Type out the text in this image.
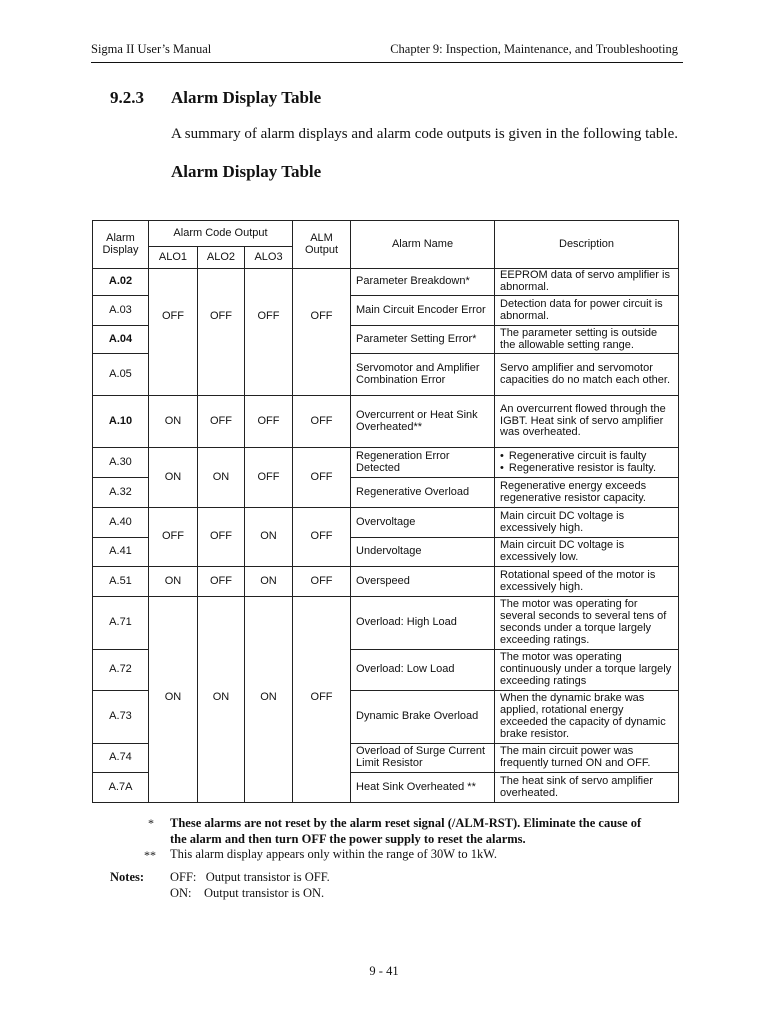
Sigma II User’s Manual	Chapter 9: Inspection, Maintenance, and Troubleshooting
9.2.3 Alarm Display Table
A summary of alarm displays and alarm code outputs is given in the following table.
Alarm Display Table
Alarm Display	Alarm Code Output			ALM Output	Alarm Name	Description
	ALO1	ALO2	ALO3			
A.02	OFF	OFF	OFF	OFF	Parameter Breakdown*	EEPROM data of servo amplifier is abnormal.
A.03					Main Circuit Encoder Error	Detection data for power circuit is abnormal.
A.04					Parameter Setting Error*	The parameter setting is outside the allowable setting range.
A.05					Servomotor and Amplifier Combination Error	Servo amplifier and servomotor capacities do no match each other.
A.10	ON	OFF	OFF	OFF	Overcurrent or Heat Sink Overheated**	An overcurrent flowed through the IGBT. Heat sink of servo amplifier was overheated.
A.30	ON	ON	OFF	OFF	Regeneration Error Detected	• Regenerative circuit is faulty
• Regenerative resistor is faulty.

A.32					Regenerative Overload	Regenerative energy exceeds regenerative resistor capacity.
A.40	OFF	OFF	ON	OFF	Overvoltage	Main circuit DC voltage is excessively high.
A.41					Undervoltage	Main circuit DC voltage is excessively low.
A.51	ON	OFF	ON	OFF	Overspeed	Rotational speed of the motor is excessively high.
A.71	ON	ON	ON	OFF	Overload: High Load	The motor was operating for several seconds to several tens of seconds under a torque largely exceeding ratings.
A.72					Overload: Low Load	The motor was operating continuously under a torque largely exceeding ratings
A.73					Dynamic Brake Overload	When the dynamic brake was applied, rotational energy exceeded the capacity of dynamic brake resistor.
A.74					Overload of Surge Current Limit Resistor	The main circuit power was frequently turned ON and OFF.
A.7A					Heat Sink Overheated **	The heat sink of servo amplifier overheated.
* These alarms are not reset by the alarm reset signal (/ALM-RST). Eliminate the cause of the alarm and then turn OFF the power supply to reset the alarms.
** This alarm display appears only within the range of 30W to 1kW.
Notes: OFF:   Output transistor is OFF.
ON:    Output transistor is ON.
9 - 41
